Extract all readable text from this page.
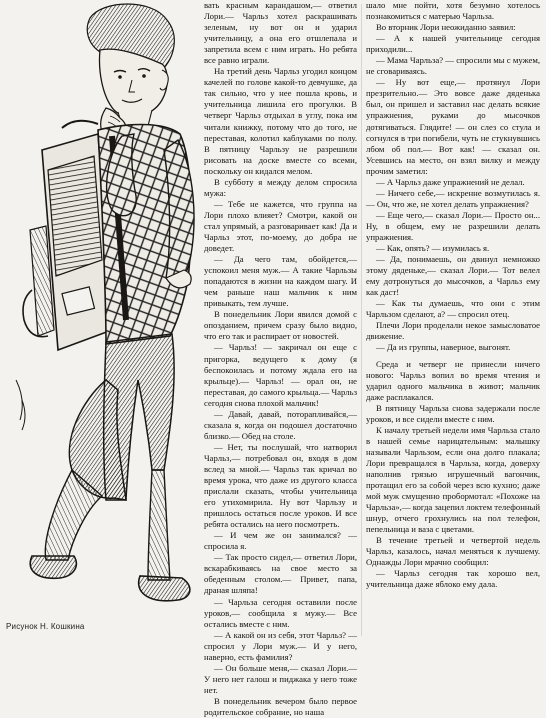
Рисунок Н. Кошкина

вать красным карандашом,— ответил Лори.— Чарльз хотел раскрашивать зеленым, ну вот он и ударил учительницу, а она его отшлепала и запретила всем с ним играть. Но ребята все равно играли.

На третий день Чарльз угодил концом качелей по голове какой-то девчушке, да так сильно, что у нее пошла кровь, и учительница лишила его прогулки. В четверг Чарльз отдыхал в углу, пока им читали книжку, потому что до того, не переставая, колотил каблуками по полу. В пятницу Чарльзу не разрешили рисовать на доске вместе со всеми, поскольку он кидался мелом.

В субботу я между делом спросила мужа:

— Тебе не кажется, что группа на Лори плохо влияет? Смотри, какой он стал упрямый, а разговаривает как! Да и Чарльз этот, по-моему, до добра не доведет.

— Да чего там, обойдется,— успокоил меня муж.— А такие Чарльзы попадаются в жизни на каждом шагу. И чем раньше наш мальчик к ним привыкать, тем лучше.

В понедельник Лори явился домой с опозданием, причем сразу было видно, что его так и распирает от новостей.

— Чарльз! — закричал он еще с пригорка, ведущего к дому (я беспокоилась и потому ждала его на крыльце).— Чарльз! — орал он, не переставая, до самого крыльца.— Чарльз сегодня снова плохой мальчик!

— Давай, давай, поторапливайся,— сказала я, когда он подошел достаточно близко.— Обед на столе.

— Нет, ты послушай, что натворил Чарльз,— потребовал он, входя в дом вслед за мной.— Чарльз так кричал во время урока, что даже из другого класса прислали сказать, чтобы учительница его утихомирила. Ну вот Чарльзу и пришлось остаться после уроков. И все ребята остались на него посмотреть.

— И чем же он занимался? — спросила я.

— Так просто сидел,— ответил Лори, вскарабкиваясь на свое место за обеденным столом.— Привет, папа, драная шляпа!

— Чарльза сегодня оставили после уроков,— сообщила я мужу.— Все остались вместе с ним.

— А какой он из себя, этот Чарльз? — спросил у Лори муж.— И у него, наверно, есть фамилия?

— Он больше меня,— сказал Лори.— У него нет галош и пиджака у него тоже нет.

В понедельник вечером было первое родительское собрание, но наша

шало мне пойти, хотя безумно хотелось познакомиться с матерью Чарльза.

Во вторник Лори неожиданно заявил:

— А к нашей учительнице сегодня приходили...

— Мама Чарльза? — спросили мы с мужем, не сговариваясь.

— Ну вот еще,— протянул Лори презрительно.— Это вовсе даже дяденька был, он пришел и заставил нас делать всякие упражнения, руками до мысочков дотягиваться. Глядите! — он слез со стула и согнулся в три погибели, чуть не стукнувшись лбом об пол.— Вот как! — сказал он. Усевшись на место, он взял вилку и между прочим заметил:

— А Чарльз даже упражнений не делал.

— Ничего себе,— искренне возмутилась я.— Он, что же, не хотел делать упражнения?

— Еще чего,— сказал Лори.— Просто он... Ну, в общем, ему не разрешили делать упражнения.

— Как, опять? — изумилась я.

— Да, понимаешь, он двинул немножко этому дяденьке,— сказал Лори.— Тот велел ему дотронуться до мысочков, а Чарльз ему как даст!

— Как ты думаешь, что они с этим Чарльзом сделают, а? — спросил отец.

Плечи Лори проделали некое замысловатое движение.

— Да из группы, наверное, выгонят.

Среда и четверг не принесли ничего нового: Чарльз вопил во время чтения и ударил одного мальчика в живот; мальчик даже расплакался.

В пятницу Чарльза снова задержали после уроков, и все сидели вместе с ним.

К началу третьей недели имя Чарльза стало в нашей семье нарицательным: малышку называли Чарльзом, если она долго плакала; Лори превращался в Чарльза, когда, доверху наполнив грязью игрушечный вагончик, протащил его за собой через всю кухню; даже мой муж смущенно пробормотал: «Похоже на Чарльза»,— когда зацепил локтем телефонный шнур, отчего грохнулись на пол телефон, пепельница и ваза с цветами.

В течение третьей и четвертой недель Чарльз, казалось, начал меняться к лучшему. Однажды Лори мрачно сообщил:

— Чарльз сегодня так хорошо вел, учительница даже яблоко ему дала.
